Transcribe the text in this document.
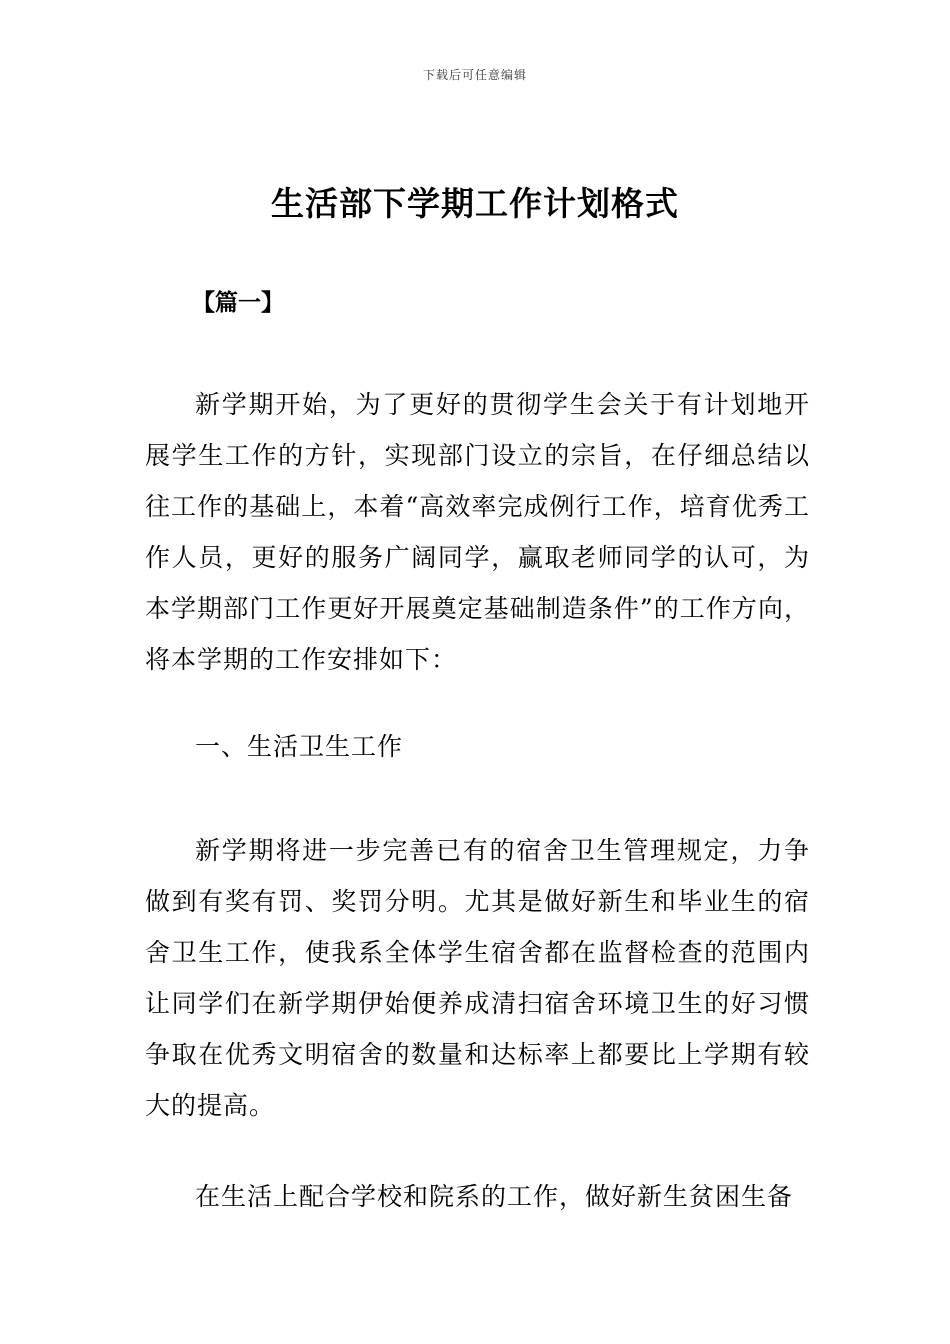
下载后可任意编辑
生活部下学期工作计划格式
【篇一】

新学期开始，为了更好的贯彻学生会关于有计划地开展学生工作的方针，实现部门设立的宗旨，在仔细总结以往工作的基础上，本着“高效率完成例行工作，培育优秀工作人员，更好的服务广阔同学，赢取老师同学的认可，为本学期部门工作更好开展奠定基础制造条件”的工作方向，将本学期的工作安排如下：

一、生活卫生工作

新学期将进一步完善已有的宿舍卫生管理规定，力争做到有奖有罚、奖罚分明。尤其是做好新生和毕业生的宿舍卫生工作，使我系全体学生宿舍都在监督检查的范围内让同学们在新学期伊始便养成清扫宿舍环境卫生的好习惯争取在优秀文明宿舍的数量和达标率上都要比上学期有较大的提高。

在生活上配合学校和院系的工作，做好新生贫困生备
